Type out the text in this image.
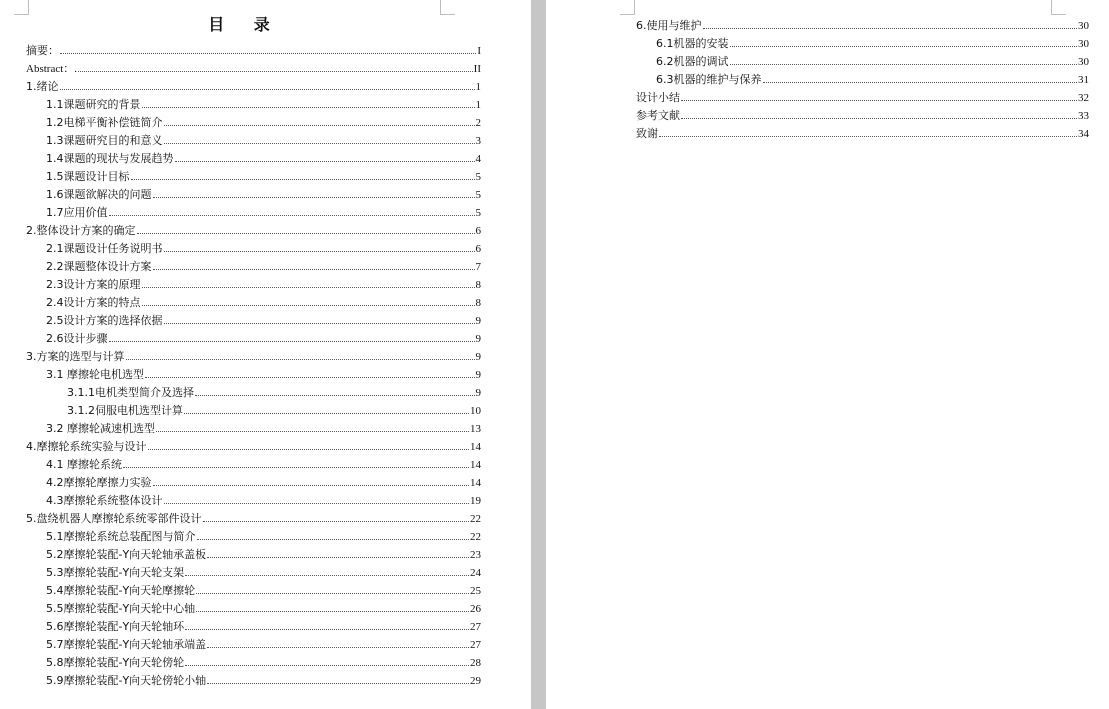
目 录
摘要：	I
Abstract：.	II
1.绪论	1
1.1课题研究的背景	1
1.2电梯平衡补偿链简介	2
1.3课题研究目的和意义	3
1.4课题的现状与发展趋势	4
1.5课题设计目标	5
1.6课题欲解决的问题	5
1.7应用价值	5
2.整体设计方案的确定	6
2.1课题设计任务说明书	6
2.2课题整体设计方案	7
2.3设计方案的原理	8
2.4设计方案的特点	8
2.5设计方案的选择依据	9
2.6设计步骤	9
3.方案的选型与计算	9
3.1 摩擦轮电机选型	9
3.1.1电机类型简介及选择	9
3.1.2伺服电机选型计算	10
3.2 摩擦轮减速机选型	13
4.摩擦轮系统实验与设计	14
4.1 摩擦轮系统	14
4.2摩擦轮摩擦力实验	14
4.3摩擦轮系统整体设计	19
5.盘绕机器人摩擦轮系统零部件设计	22
5.1摩擦轮系统总装配图与简介	22
5.2摩擦轮装配-Y向天轮轴承盖板	23
5.3摩擦轮装配-Y向天轮支架	24
5.4摩擦轮装配-Y向天轮摩擦轮	25
5.5摩擦轮装配-Y向天轮中心轴	26
5.6摩擦轮装配-Y向天轮轴环	27
5.7摩擦轮装配-Y向天轮轴承端盖	27
5.8摩擦轮装配-Y向天轮傍轮	28
5.9摩擦轮装配-Y向天轮傍轮小轴	29
6.使用与维护	30
6.1机器的安装	30
6.2机器的调试	30
6.3机器的维护与保养	31
设计小结	32
参考文献	33
致谢	34
